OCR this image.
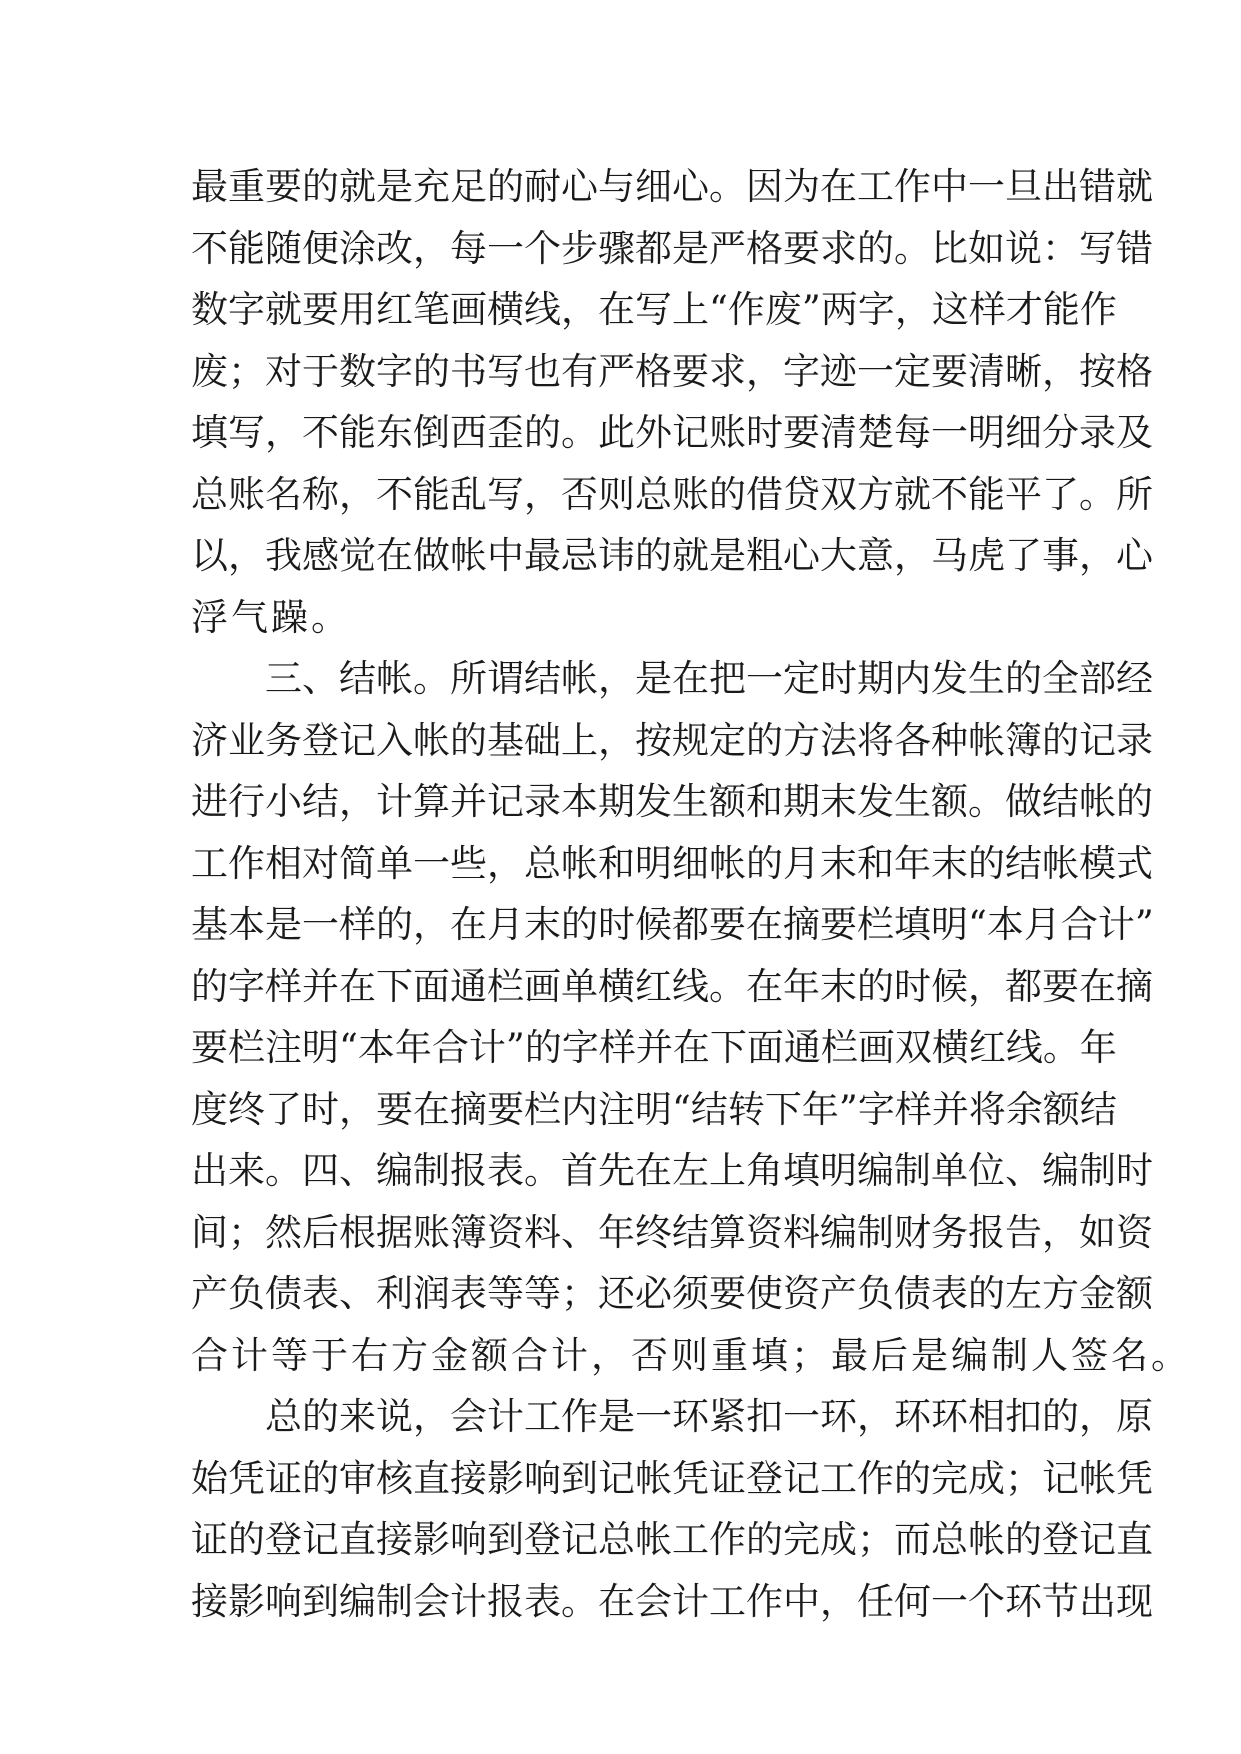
最重要的就是充足的耐心与细心。因为在工作中一旦出错就
不能随便涂改，每一个步骤都是严格要求的。比如说：写错
数字就要用红笔画横线，在写上“作废”两字，这样才能作
废；对于数字的书写也有严格要求，字迹一定要清晰，按格
填写，不能东倒西歪的。此外记账时要清楚每一明细分录及
总账名称，不能乱写，否则总账的借贷双方就不能平了。所
以，我感觉在做帐中最忌讳的就是粗心大意，马虎了事，心
浮气躁。
三、结帐。所谓结帐，是在把一定时期内发生的全部经
济业务登记入帐的基础上，按规定的方法将各种帐簿的记录
进行小结，计算并记录本期发生额和期末发生额。做结帐的
工作相对简单一些，总帐和明细帐的月末和年末的结帐模式
基本是一样的，在月末的时候都要在摘要栏填明“本月合计”
的字样并在下面通栏画单横红线。在年末的时候，都要在摘
要栏注明“本年合计”的字样并在下面通栏画双横红线。年
度终了时，要在摘要栏内注明“结转下年”字样并将余额结
出来。四、编制报表。首先在左上角填明编制单位、编制时
间；然后根据账簿资料、年终结算资料编制财务报告，如资
产负债表、利润表等等；还必须要使资产负债表的左方金额
合计等于右方金额合计，否则重填；最后是编制人签名。
总的来说，会计工作是一环紧扣一环，环环相扣的，原
始凭证的审核直接影响到记帐凭证登记工作的完成；记帐凭
证的登记直接影响到登记总帐工作的完成；而总帐的登记直
接影响到编制会计报表。在会计工作中，任何一个环节出现
